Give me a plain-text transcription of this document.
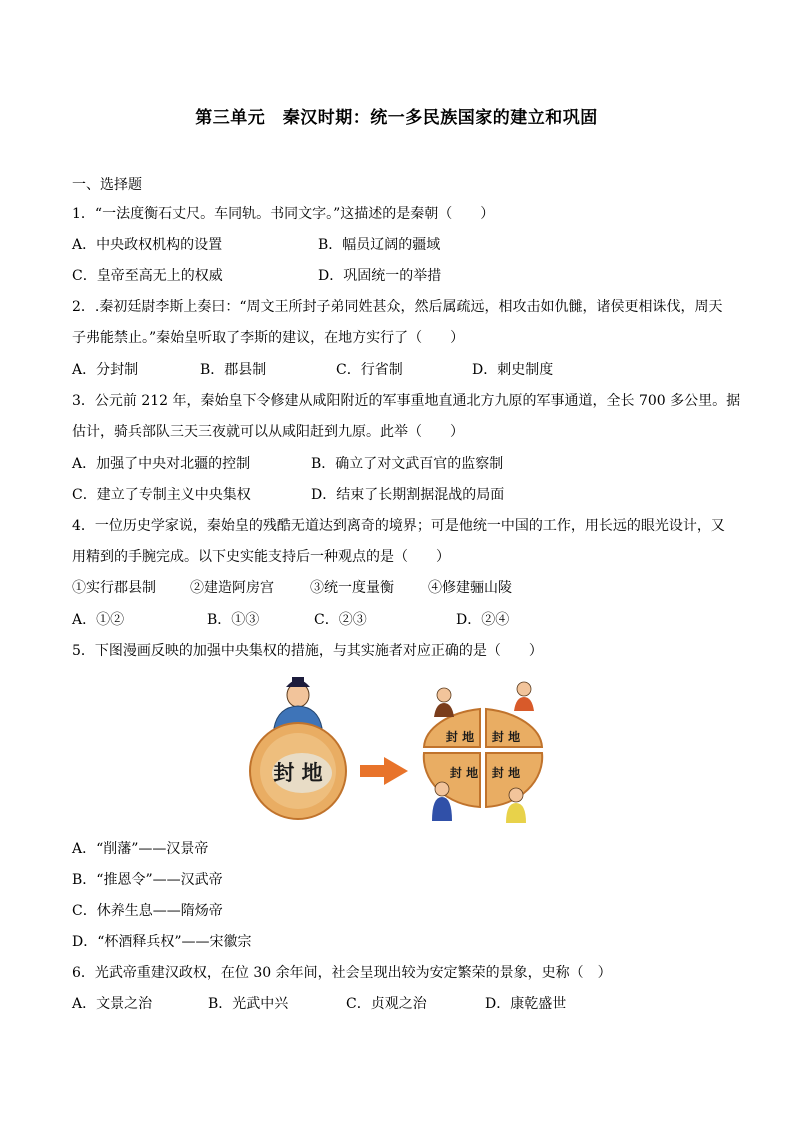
第三单元　秦汉时期：统一多民族国家的建立和巩固
一、选择题
1．“一法度衡石丈尺。车同轨。书同文字。”这描述的是秦朝（　　）
A．中央政权机构的设置	B．幅员辽阔的疆域
C．皇帝至高无上的权威	D．巩固统一的举措
2．.秦初廷尉李斯上奏曰：“周文王所封子弟同姓甚众，然后属疏远，相攻击如仇雠，诸侯更相诛伐，周天
子弗能禁止。”秦始皇听取了李斯的建议，在地方实行了（　　）
A．分封制	B．郡县制	C．行省制	D．刺史制度
3．公元前 212 年，秦始皇下令修建从咸阳附近的军事重地直通北方九原的军事通道，全长 700 多公里。据
估计，骑兵部队三天三夜就可以从咸阳赶到九原。此举（　　）
A．加强了中央对北疆的控制	B．确立了对文武百官的监察制
C．建立了专制主义中央集权	D．结束了长期割据混战的局面
4．一位历史学家说，秦始皇的残酷无道达到离奇的境界；可是他统一中国的工作，用长远的眼光设计，又
用精到的手腕完成。以下史实能支持后一种观点的是（　　）
①实行郡县制 ②建造阿房宫	③统一度量衡 ④修建骊山陵
A．①②	B．①③	C．②③	D．②④
5．下图漫画反映的加强中央集权的措施，与其实施者对应正确的是（　　）
封 地
封 地 封 地
封 地 封 地
A．“削藩”——汉景帝
B．“推恩令”——汉武帝
C．休养生息——隋炀帝
D．“杯酒释兵权”——宋徽宗
6．光武帝重建汉政权，在位 30 余年间，社会呈现出较为安定繁荣的景象，史称（　）
A．文景之治	B．光武中兴	C．贞观之治	D．康乾盛世
